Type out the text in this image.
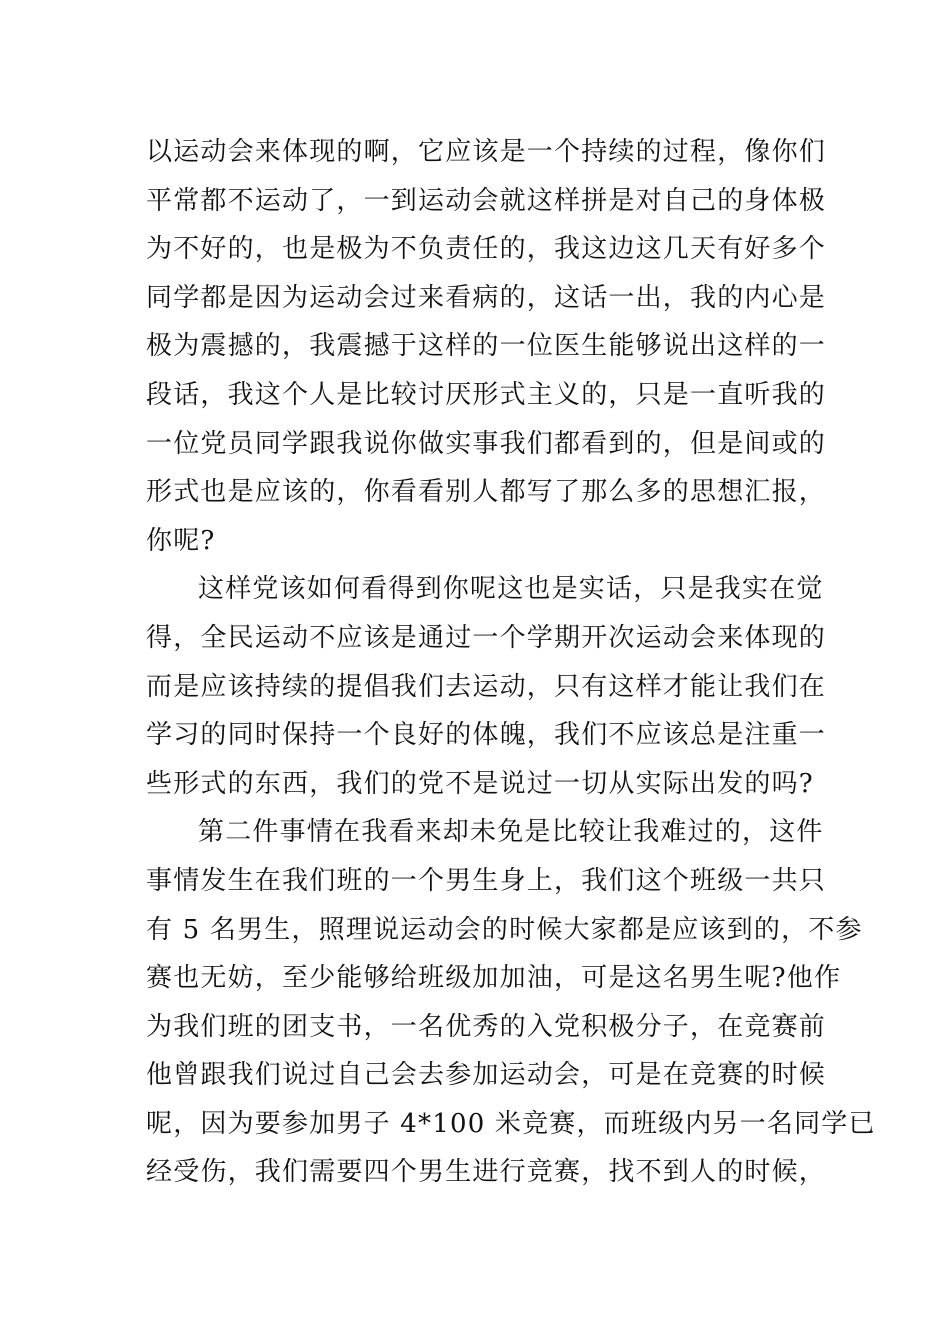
以运动会来体现的啊，它应该是一个持续的过程，像你们
平常都不运动了，一到运动会就这样拼是对自己的身体极
为不好的，也是极为不负责任的，我这边这几天有好多个
同学都是因为运动会过来看病的，这话一出，我的内心是
极为震撼的，我震撼于这样的一位医生能够说出这样的一
段话，我这个人是比较讨厌形式主义的，只是一直听我的
一位党员同学跟我说你做实事我们都看到的，但是间或的
形式也是应该的，你看看别人都写了那么多的思想汇报，
你呢?

这样党该如何看得到你呢这也是实话，只是我实在觉
得，全民运动不应该是通过一个学期开次运动会来体现的
而是应该持续的提倡我们去运动，只有这样才能让我们在
学习的同时保持一个良好的体魄，我们不应该总是注重一
些形式的东西，我们的党不是说过一切从实际出发的吗?

第二件事情在我看来却未免是比较让我难过的，这件
事情发生在我们班的一个男生身上，我们这个班级一共只
有 5 名男生，照理说运动会的时候大家都是应该到的，不参
赛也无妨，至少能够给班级加加油，可是这名男生呢?他作
为我们班的团支书，一名优秀的入党积极分子，在竞赛前
他曾跟我们说过自己会去参加运动会，可是在竞赛的时候
呢，因为要参加男子 4*100 米竞赛，而班级内另一名同学已
经受伤，我们需要四个男生进行竞赛，找不到人的时候，
